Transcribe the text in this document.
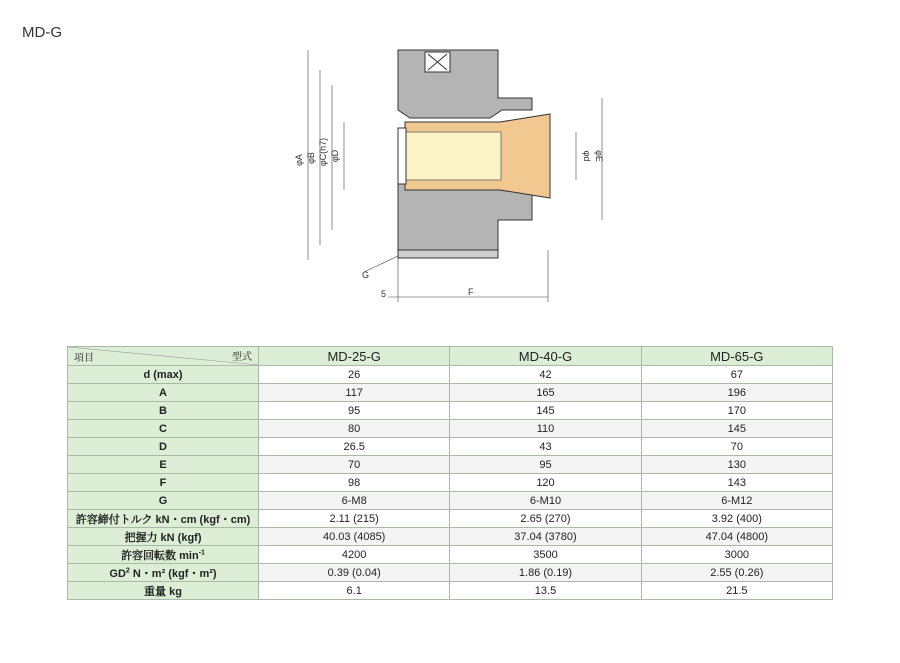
MD-G
φA φB φC(h7) φD	φd φE
G
5	F
項目 型式	MD-25-G	MD-40-G	MD-65-G
d (max)	26	42	67
A	117	165	196
B	95	145	170
C	80	110	145
D	26.5	43	70
E	70	95	130
F	98	120	143
G	6-M8	6-M10	6-M12
許容締付トルク kN・cm (kgf・cm)	2.11 (215)	2.65 (270)	3.92 (400)
把握力 kN (kgf)	40.03 (4085)	37.04 (3780)	47.04 (4800)
許容回転数 $\min^{-1}$	4200	3500	3000
$GD^2$ N・m² (kgf・m²)	0.39 (0.04)	1.86 (0.19)	2.55 (0.26)
重量 kg	6.1	13.5	21.5
